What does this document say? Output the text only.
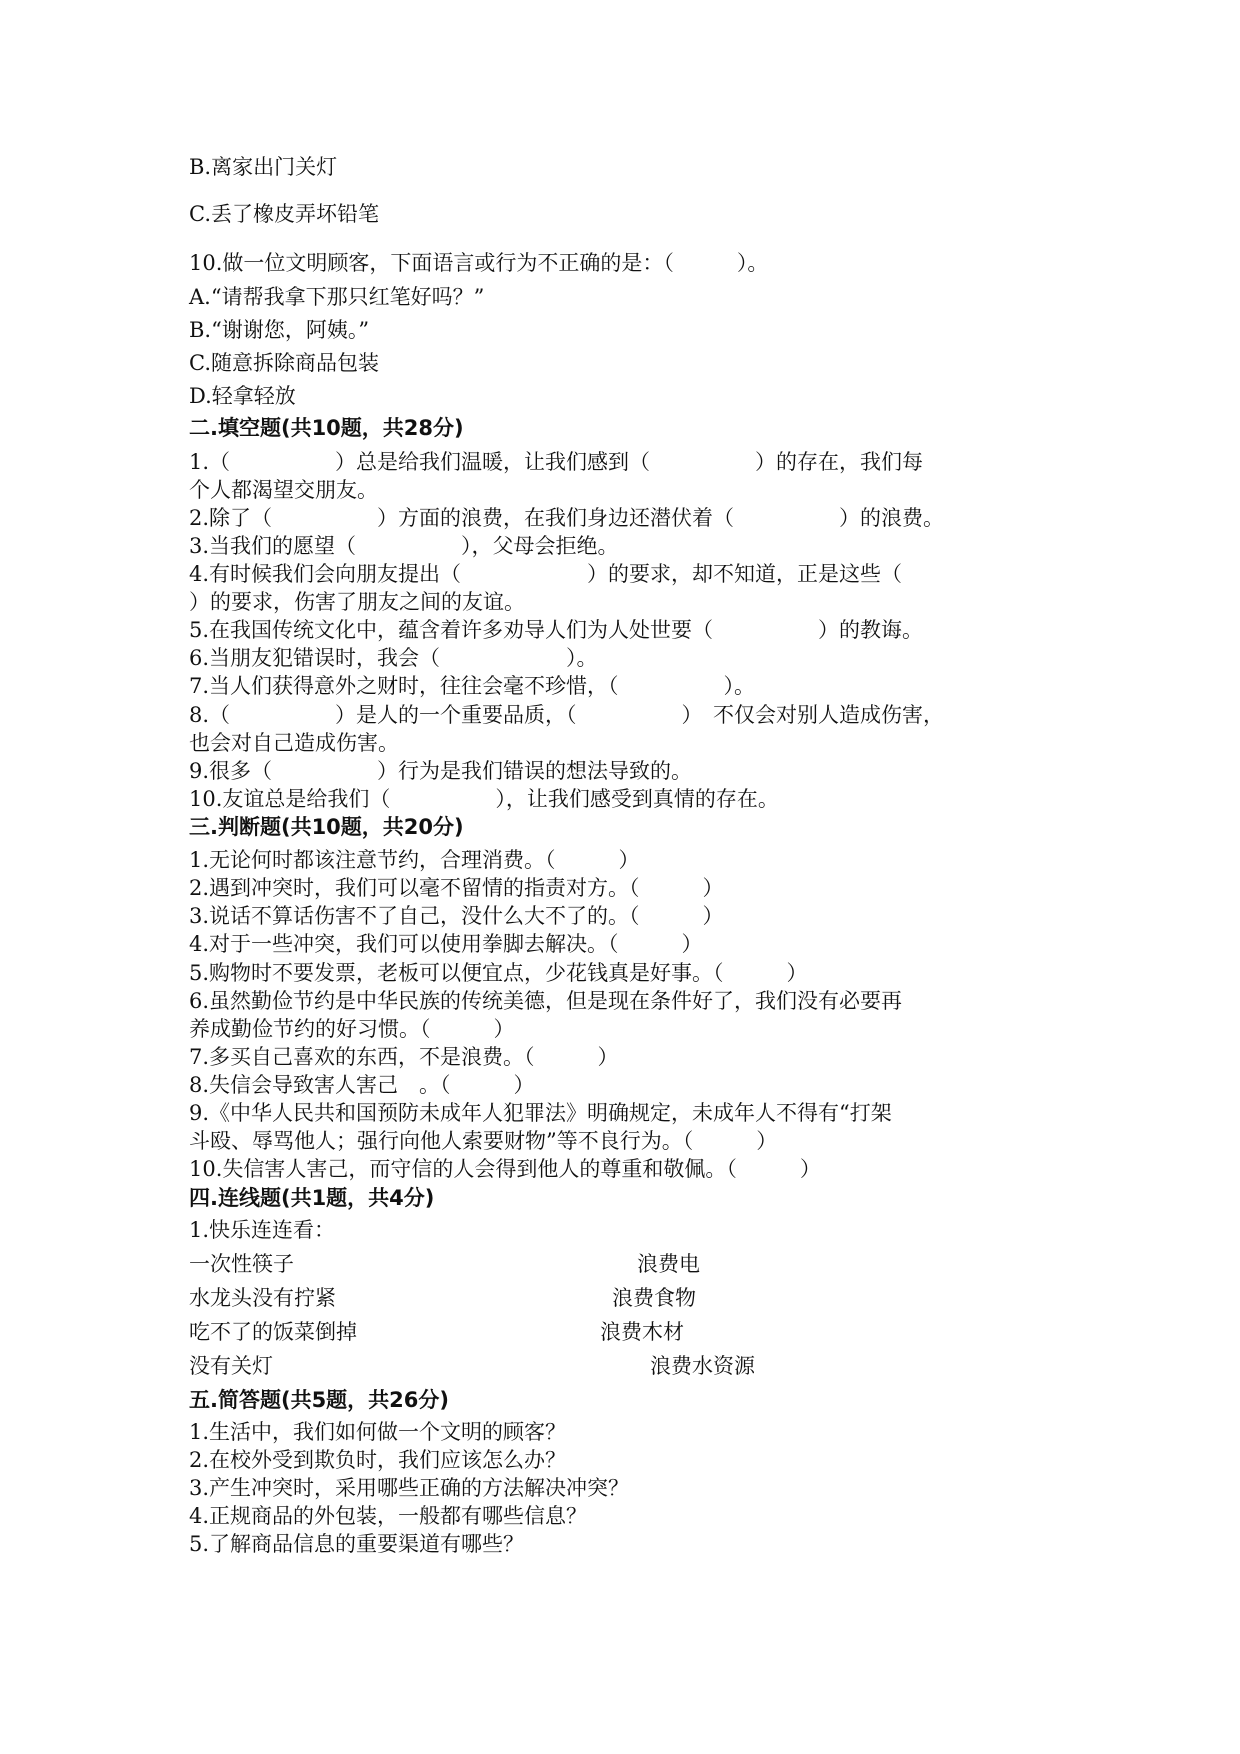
B.离家出门关灯
C.丢了橡皮弄坏铅笔
10.做一位文明顾客，下面语言或行为不正确的是：（　　　）。
A.“请帮我拿下那只红笔好吗？”
B.“谢谢您，阿姨。”
C.随意拆除商品包装
D.轻拿轻放
二.填空题(共10题，共28分)
1.（　　　　　）总是给我们温暖，让我们感到（　　　　　）的存在，我们每
个人都渴望交朋友。
2.除了（　　　　　）方面的浪费，在我们身边还潜伏着（　　　　　）的浪费。
3.当我们的愿望（　　　　　），父母会拒绝。
4.有时候我们会向朋友提出（　　　　　　）的要求，却不知道，正是这些（
）的要求，伤害了朋友之间的友谊。
5.在我国传统文化中，蕴含着许多劝导人们为人处世要（　　　　　）的教诲。
6.当朋友犯错误时，我会（　　　　　　）。
7.当人们获得意外之财时，往往会毫不珍惜，（　　　　　）。
8.（　　　　　）是人的一个重要品质，（　　　　　）　不仅会对别人造成伤害，
也会对自己造成伤害。
9.很多（　　　　　）行为是我们错误的想法导致的。
10.友谊总是给我们（　　　　　），让我们感受到真情的存在。
三.判断题(共10题，共20分)
1.无论何时都该注意节约，合理消费。（　　　）
2.遇到冲突时，我们可以毫不留情的指责对方。（　　　）
3.说话不算话伤害不了自己，没什么大不了的。（　　　）
4.对于一些冲突，我们可以使用拳脚去解决。（　　　）
5.购物时不要发票，老板可以便宜点，少花钱真是好事。（　　　）
6.虽然勤俭节约是中华民族的传统美德，但是现在条件好了，我们没有必要再
养成勤俭节约的好习惯。（　　　）
7.多买自己喜欢的东西，不是浪费。（　　　）
8.失信会导致害人害己　。（　　　）
9.《中华人民共和国预防未成年人犯罪法》明确规定，未成年人不得有“打架
斗殴、辱骂他人；强行向他人索要财物”等不良行为。（　　　）
10.失信害人害己，而守信的人会得到他人的尊重和敬佩。（　　　）
四.连线题(共1题，共4分)
1.快乐连连看：
一次性筷子	浪费电
水龙头没有拧紧	浪费食物
吃不了的饭菜倒掉	浪费木材
没有关灯	浪费水资源
五.简答题(共5题，共26分)
1.生活中，我们如何做一个文明的顾客？
2.在校外受到欺负时，我们应该怎么办？
3.产生冲突时，采用哪些正确的方法解决冲突？
4.正规商品的外包装，一般都有哪些信息？
5.了解商品信息的重要渠道有哪些？
